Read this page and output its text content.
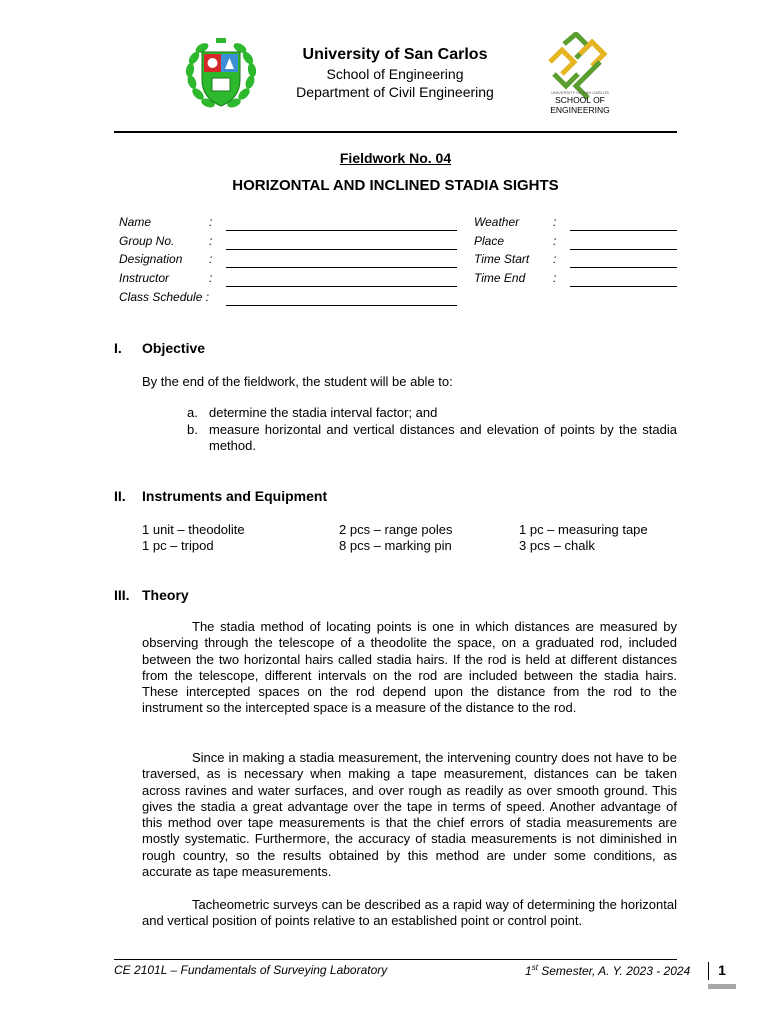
University of San Carlos
School of Engineering
Department of Civil Engineering	UNIVERSITY OF SAN CARLOS
SCHOOL OF
ENGINEERING
Fieldwork No. 04
HORIZONTAL AND INCLINED STADIA SIGHTS
Name	:
Group No.	:
Designation :
Instructor	:
Class Schedule :
Weather	:
Place	:
Time Start :
Time End :
I. Objective
By the end of the fieldwork, the student will be able to:
a. determine the stadia interval factor; and
b. measure horizontal and vertical distances and elevation of points by the stadia method.
II. Instruments and Equipment
1 unit – theodolite	2 pcs – range poles	1 pc – measuring tape
1 pc – tripod	8 pcs – marking pin	3 pcs – chalk
III. Theory
The stadia method of locating points is one in which distances are measured by observing through the telescope of a theodolite the space, on a graduated rod, included between the two horizontal hairs called stadia hairs. If the rod is held at different distances from the telescope, different intervals on the rod are included between the stadia hairs. These intercepted spaces on the rod depend upon the distance from the rod to the instrument so the intercepted space is a measure of the distance to the rod.
Since in making a stadia measurement, the intervening country does not have to be traversed, as is necessary when making a tape measurement, distances can be taken across ravines and water surfaces, and over rough as readily as over smooth ground. This gives the stadia a great advantage over the tape in terms of speed. Another advantage of this method over tape measurements is that the chief errors of stadia measurements are mostly systematic. Furthermore, the accuracy of stadia measurements is not diminished in rough country, so the results obtained by this method are under some conditions, as accurate as tape measurements.
Tacheometric surveys can be described as a rapid way of determining the horizontal and vertical position of points relative to an established point or control point.
CE 2101L – Fundamentals of Surveying Laboratory	1st Semester, A. Y. 2023 - 2024	1
